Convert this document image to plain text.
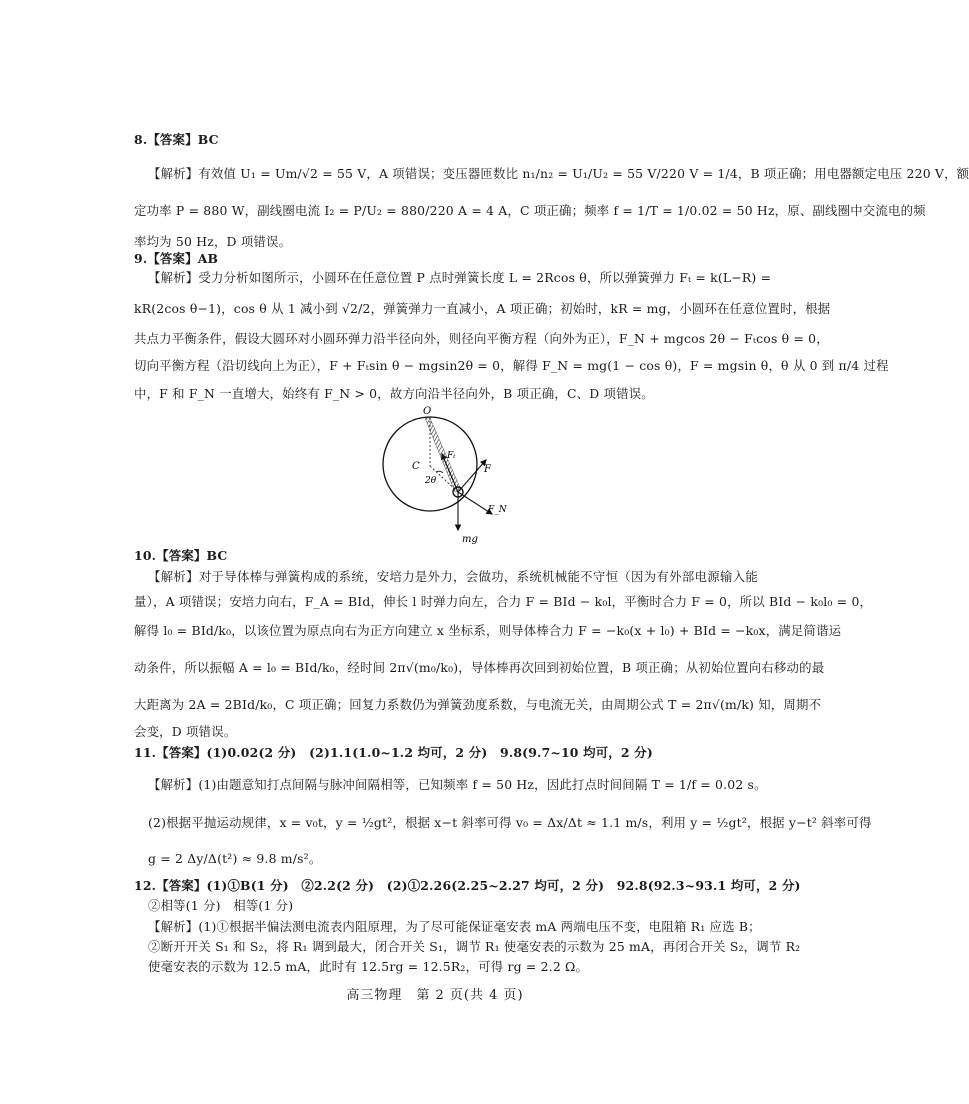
8.【答案】BC
【解析】有效值 U₁ = Um/√2 = 55 V，A 项错误；变压器匝数比 n₁/n₂ = U₁/U₂ = 55 V/220 V = 1/4，B 项正确；用电器额定电压 220 V，额
定功率 P = 880 W，副线圈电流 I₂ = P/U₂ = 880/220 A = 4 A，C 项正确；频率 f = 1/T = 1/0.02 = 50 Hz，原、副线圈中交流电的频
率均为 50 Hz，D 项错误。
9.【答案】AB
【解析】受力分析如图所示，小圆环在任意位置 P 点时弹簧长度 L = 2Rcos θ，所以弹簧弹力 Fₜ = k(L−R) =
kR(2cos θ−1)，cos θ 从 1 减小到 √2/2，弹簧弹力一直减小，A 项正确；初始时，kR = mg，小圆环在任意位置时，根据
共点力平衡条件，假设大圆环对小圆环弹力沿半径向外，则径向平衡方程（向外为正），F_N + mgcos 2θ − Fₜcos θ = 0，
切向平衡方程（沿切线向上为正），F + Fₜsin θ − mgsin2θ = 0，解得 F_N = mg(1 − cos θ)，F = mgsin θ，θ 从 0 到 π/4 过程
中，F 和 F_N 一直增大，始终有 F_N > 0，故方向沿半径向外，B 项正确，C、D 项错误。
O
C
Fₜ
F
2θ
F_N
mg
10.【答案】BC
【解析】对于导体棒与弹簧构成的系统，安培力是外力，会做功，系统机械能不守恒（因为有外部电源输入能
量），A 项错误；安培力向右，F_A = BId，伸长 l 时弹力向左，合力 F = BId − k₀l，平衡时合力 F = 0，所以 BId − k₀l₀ = 0，
解得 l₀ = BId/k₀，以该位置为原点向右为正方向建立 x 坐标系，则导体棒合力 F = −k₀(x + l₀) + BId = −k₀x，满足简谐运
动条件，所以振幅 A = l₀ = BId/k₀，经时间 2π√(m₀/k₀)，导体棒再次回到初始位置，B 项正确；从初始位置向右移动的最
大距离为 2A = 2BId/k₀，C 项正确；回复力系数仍为弹簧劲度系数，与电流无关，由周期公式 T = 2π√(m/k) 知，周期不
会变，D 项错误。
11.【答案】(1)0.02(2 分)　(2)1.1(1.0~1.2 均可，2 分)　9.8(9.7~10 均可，2 分)
【解析】(1)由题意知打点间隔与脉冲间隔相等，已知频率 f = 50 Hz，因此打点时间间隔 T = 1/f = 0.02 s。
(2)根据平抛运动规律，x = v₀t，y = ½gt²，根据 x−t 斜率可得 v₀ = Δx/Δt ≈ 1.1 m/s，利用 y = ½gt²，根据 y−t² 斜率可得
g = 2 Δy/Δ(t²) ≈ 9.8 m/s²。
12.【答案】(1)①B(1 分)　②2.2(2 分)　(2)①2.26(2.25~2.27 均可，2 分)　92.8(92.3~93.1 均可，2 分)
②相等(1 分)　相等(1 分)
【解析】(1)①根据半偏法测电流表内阻原理，为了尽可能保证毫安表 mA 两端电压不变，电阻箱 R₁ 应选 B；
②断开开关 S₁ 和 S₂，将 R₁ 调到最大，闭合开关 S₁，调节 R₁ 使毫安表的示数为 25 mA，再闭合开关 S₂，调节 R₂
使毫安表的示数为 12.5 mA，此时有 12.5rg = 12.5R₂，可得 rg = 2.2 Ω。
高三物理　第 2 页(共 4 页)
